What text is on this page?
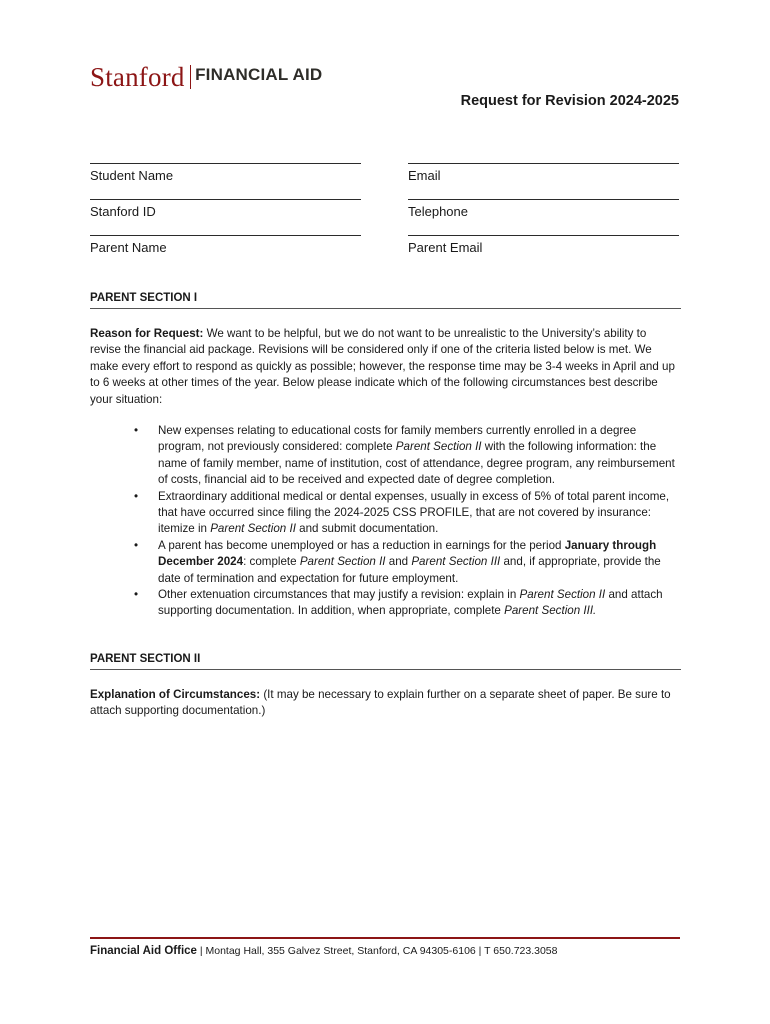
Stanford FINANCIAL AID
Request for Revision 2024-2025
Student Name	Email
Stanford ID	Telephone
Parent Name	Parent Email
PARENT SECTION I
Reason for Request: We want to be helpful, but we do not want to be unrealistic to the University’s ability to revise the financial aid package. Revisions will be considered only if one of the criteria listed below is met. We make every effort to respond as quickly as possible; however, the response time may be 3-4 weeks in April and up to 6 weeks at other times of the year. Below please indicate which of the following circumstances best describe your situation:
• New expenses relating to educational costs for family members currently enrolled in a degree program, not previously considered: complete Parent Section II with the following information: the name of family member, name of institution, cost of attendance, degree program, any reimbursement of costs, financial aid to be received and expected date of degree completion.
• Extraordinary additional medical or dental expenses, usually in excess of 5% of total parent income, that have occurred since filing the 2024-2025 CSS PROFILE, that are not covered by insurance: itemize in Parent Section II and submit documentation.
• A parent has become unemployed or has a reduction in earnings for the period January through December 2024: complete Parent Section II and Parent Section III and, if appropriate, provide the date of termination and expectation for future employment.
• Other extenuation circumstances that may justify a revision: explain in Parent Section II and attach supporting documentation. In addition, when appropriate, complete Parent Section III.
PARENT SECTION II
Explanation of Circumstances: (It may be necessary to explain further on a separate sheet of paper. Be sure to attach supporting documentation.)
Financial Aid Office | Montag Hall, 355 Galvez Street, Stanford, CA 94305-6106 | T 650.723.3058
